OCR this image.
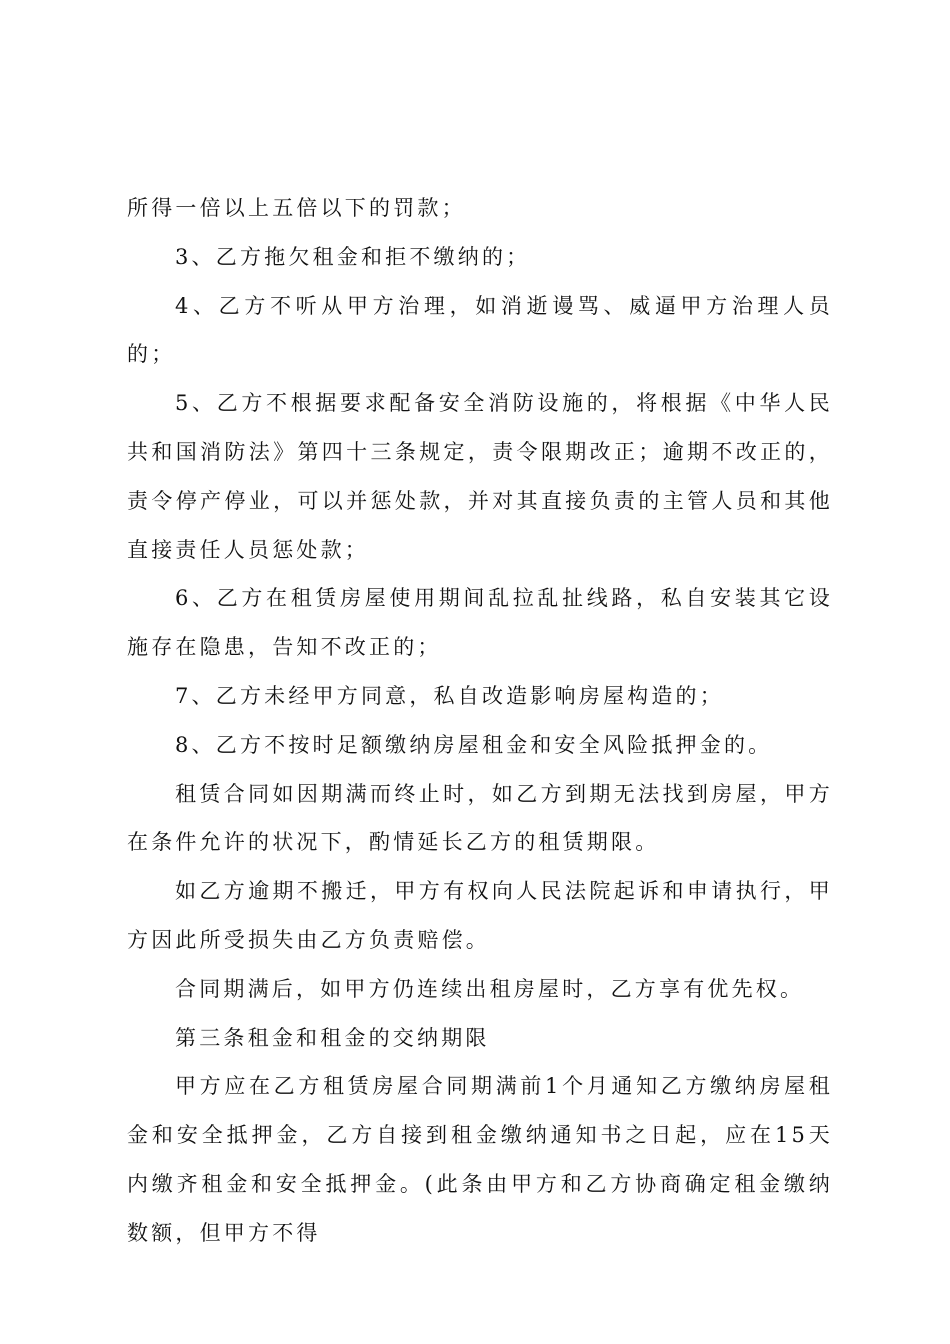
所得一倍以上五倍以下的罚款；

3、乙方拖欠租金和拒不缴纳的；

4、乙方不听从甲方治理，如消逝谩骂、威逼甲方治理人员的；

5、乙方不根据要求配备安全消防设施的，将根据《中华人民共和国消防法》第四十三条规定，责令限期改正；逾期不改正的，责令停产停业，可以并惩处款，并对其直接负责的主管人员和其他直接责任人员惩处款；

6、乙方在租赁房屋使用期间乱拉乱扯线路，私自安装其它设施存在隐患，告知不改正的；

7、乙方未经甲方同意，私自改造影响房屋构造的；

8、乙方不按时足额缴纳房屋租金和安全风险抵押金的。

租赁合同如因期满而终止时，如乙方到期无法找到房屋，甲方在条件允许的状况下，酌情延长乙方的租赁期限。

如乙方逾期不搬迁，甲方有权向人民法院起诉和申请执行，甲方因此所受损失由乙方负责赔偿。

合同期满后，如甲方仍连续出租房屋时，乙方享有优先权。

第三条租金和租金的交纳期限

甲方应在乙方租赁房屋合同期满前1个月通知乙方缴纳房屋租金和安全抵押金，乙方自接到租金缴纳通知书之日起，应在15天内缴齐租金和安全抵押金。(此条由甲方和乙方协商确定租金缴纳数额，但甲方不得
